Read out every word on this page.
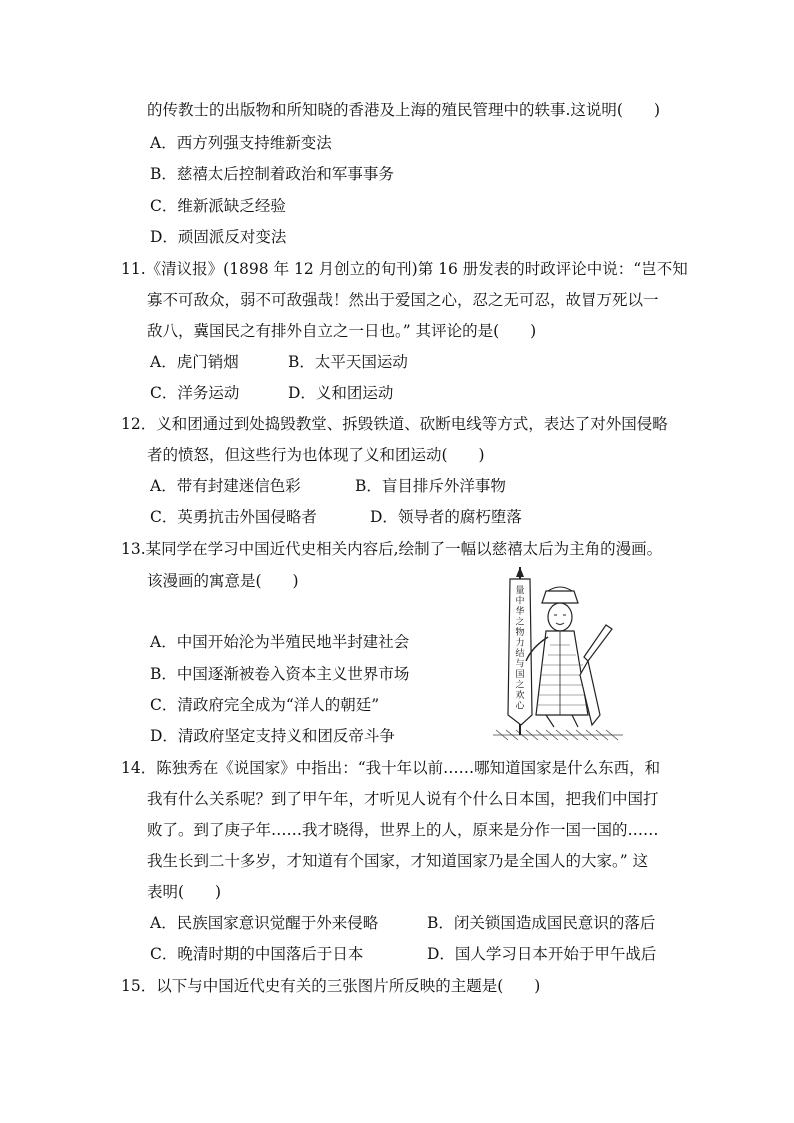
的传教士的出版物和所知晓的香港及上海的殖民管理中的轶事.这说明(　　)
A．西方列强支持维新变法
B．慈禧太后控制着政治和军事事务
C．维新派缺乏经验
D．顽固派反对变法
11.《清议报》(1898 年 12 月创立的旬刊)第 16 册发表的时政评论中说：“岂不知
寡不可敌众，弱不可敌强哉！然出于爱国之心，忍之无可忍，故冒万死以一
敌八，冀国民之有排外自立之一日也。” 其评论的是(　　)
A．虎门销烟	B．太平天国运动
C．洋务运动	D．义和团运动
12．义和团通过到处捣毁教堂、拆毁铁道、砍断电线等方式，表达了对外国侵略
者的愤怒，但这些行为也体现了义和团运动(　　)
A．带有封建迷信色彩	B．盲目排斥外洋事物
C．英勇抗击外国侵略者	D．领导者的腐朽堕落
13.某同学在学习中国近代史相关内容后,绘制了一幅以慈禧太后为主角的漫画。
该漫画的寓意是(　　)
A．中国开始沦为半殖民地半封建社会
B．中国逐渐被卷入资本主义世界市场
C．清政府完全成为“洋人的朝廷”
D．清政府坚定支持义和团反帝斗争
量中华之物力结与国之欢心
14．陈独秀在《说国家》中指出：“我十年以前……哪知道国家是什么东西，和
我有什么关系呢？到了甲午年，才听见人说有个什么日本国，把我们中国打
败了。到了庚子年……我才晓得，世界上的人，原来是分作一国一国的……
我生长到二十多岁，才知道有个国家，才知道国家乃是全国人的大家。” 这
表明(　　)
A．民族国家意识觉醒于外来侵略	B．闭关锁国造成国民意识的落后
C．晚清时期的中国落后于日本	D．国人学习日本开始于甲午战后
15．以下与中国近代史有关的三张图片所反映的主题是(　　)
